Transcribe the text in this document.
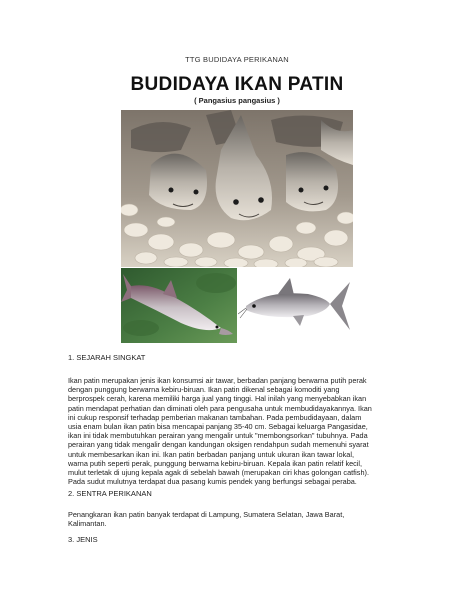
TTG BUDIDAYA PERIKANAN
BUDIDAYA IKAN PATIN
( Pangasius pangasius )
1. SEJARAH SINGKAT
Ikan patin merupakan jenis ikan konsumsi air tawar, berbadan panjang berwarna putih perak
dengan punggung berwarna kebiru-biruan. Ikan patin dikenal sebagai komoditi yang
berprospek cerah, karena memiliki harga jual yang tinggi. Hal inilah yang menyebabkan ikan
patin mendapat perhatian dan diminati oleh para pengusaha untuk membudidayakannya. Ikan
ini cukup responsif terhadap pemberian makanan tambahan. Pada pembudidayaan, dalam
usia enam bulan ikan patin bisa mencapai panjang 35-40 cm. Sebagai keluarga Pangasidae,
ikan ini tidak membutuhkan perairan yang mengalir untuk "membongsorkan" tubuhnya. Pada
perairan yang tidak mengalir dengan kandungan oksigen rendahpun sudah memenuhi syarat
untuk membesarkan ikan ini. Ikan patin berbadan panjang untuk ukuran ikan tawar lokal,
warna putih seperti perak, punggung berwarna kebiru-biruan. Kepala ikan patin relatif kecil,
mulut terletak di ujung kepala agak di sebelah bawah (merupakan ciri khas golongan catfish).
Pada sudut mulutnya terdapat dua pasang kumis pendek yang berfungsi sebagai peraba.
2. SENTRA PERIKANAN
Penangkaran ikan patin banyak terdapat di Lampung, Sumatera Selatan, Jawa Barat,
Kalimantan.
3. JENIS
